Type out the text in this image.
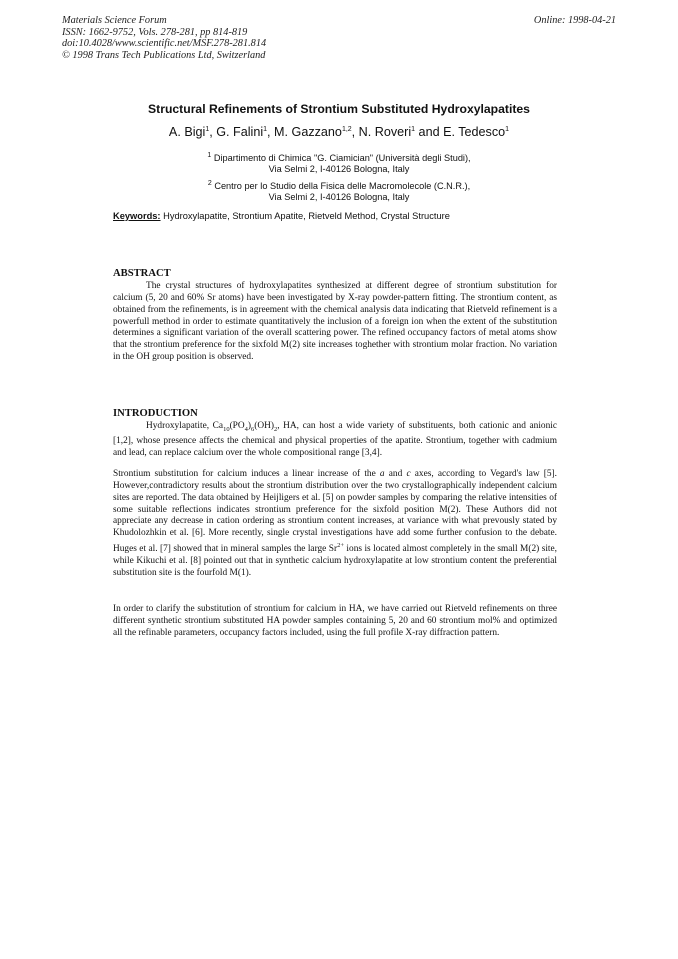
Materials Science Forum
ISSN: 1662-9752, Vols. 278-281, pp 814-819
doi:10.4028/www.scientific.net/MSF.278-281.814
© 1998 Trans Tech Publications Ltd, Switzerland
Online: 1998-04-21
Structural Refinements of Strontium Substituted Hydroxylapatites
A. Bigi$^1$, G. Falini$^1$, M. Gazzano$^{1,2}$, N. Roveri$^1$ and E. Tedesco$^1$
$^1$ Dipartimento di Chimica "G. Ciamician" (Università degli Studi),
Via Selmi 2, I-40126 Bologna, Italy
$^2$ Centro per lo Studio della Fisica delle Macromolecole (C.N.R.),
Via Selmi 2, I-40126 Bologna, Italy
Keywords: Hydroxylapatite, Strontium Apatite, Rietveld Method, Crystal Structure
ABSTRACT
The crystal structures of hydroxylapatites synthesized at different degree of strontium substitution for calcium (5, 20 and 60% Sr atoms) have been investigated by X-ray powder-pattern fitting. The strontium content, as obtained from the refinements, is in agreement with the chemical analysis data indicating that Rietveld refinement is a powerfull method in order to estimate quantitatively the inclusion of a foreign ion when the extent of the substitution determines a significant variation of the overall scattering power. The refined occupancy factors of metal atoms show that the strontium preference for the sixfold M(2) site increases toghether with strontium molar fraction. No variation in the OH group position is observed.
INTRODUCTION
Hydroxylapatite, $Ca_{10}(PO_4)_6(OH)_2$, HA, can host a wide variety of substituents, both cationic and anionic [1,2], whose presence affects the chemical and physical properties of the apatite. Strontium, together with cadmium and lead, can replace calcium over the whole compositional range [3,4].
Strontium substitution for calcium induces a linear increase of the a and c axes, according to Vegard's law [5]. However,contradictory results about the strontium distribution over the two crystallographically independent calcium sites are reported. The data obtained by Heijligers et al. [5] on powder samples by comparing the relative intensities of some suitable reflections indicates strontium preference for the sixfold position M(2). These Authors did not appreciate any decrease in cation ordering as strontium content increases, at variance with what prevously stated by Khudolozhkin et al. [6]. More recently, single crystal investigations have add some further confusion to the debate. Huges et al. [7] showed that in mineral samples the large $Sr^{2+}$ ions is located almost completely in the small M(2) site, while Kikuchi et al. [8] pointed out that in synthetic calcium hydroxylapatite at low strontium content the preferential substitution site is the fourfold M(1).
In order to clarify the substitution of strontium for calcium in HA, we have carried out Rietveld refinements on three different synthetic strontium substituted HA powder samples containing 5, 20 and 60 strontium mol% and optimized all the refinable parameters, occupancy factors included, using the full profile X-ray diffraction pattern.
